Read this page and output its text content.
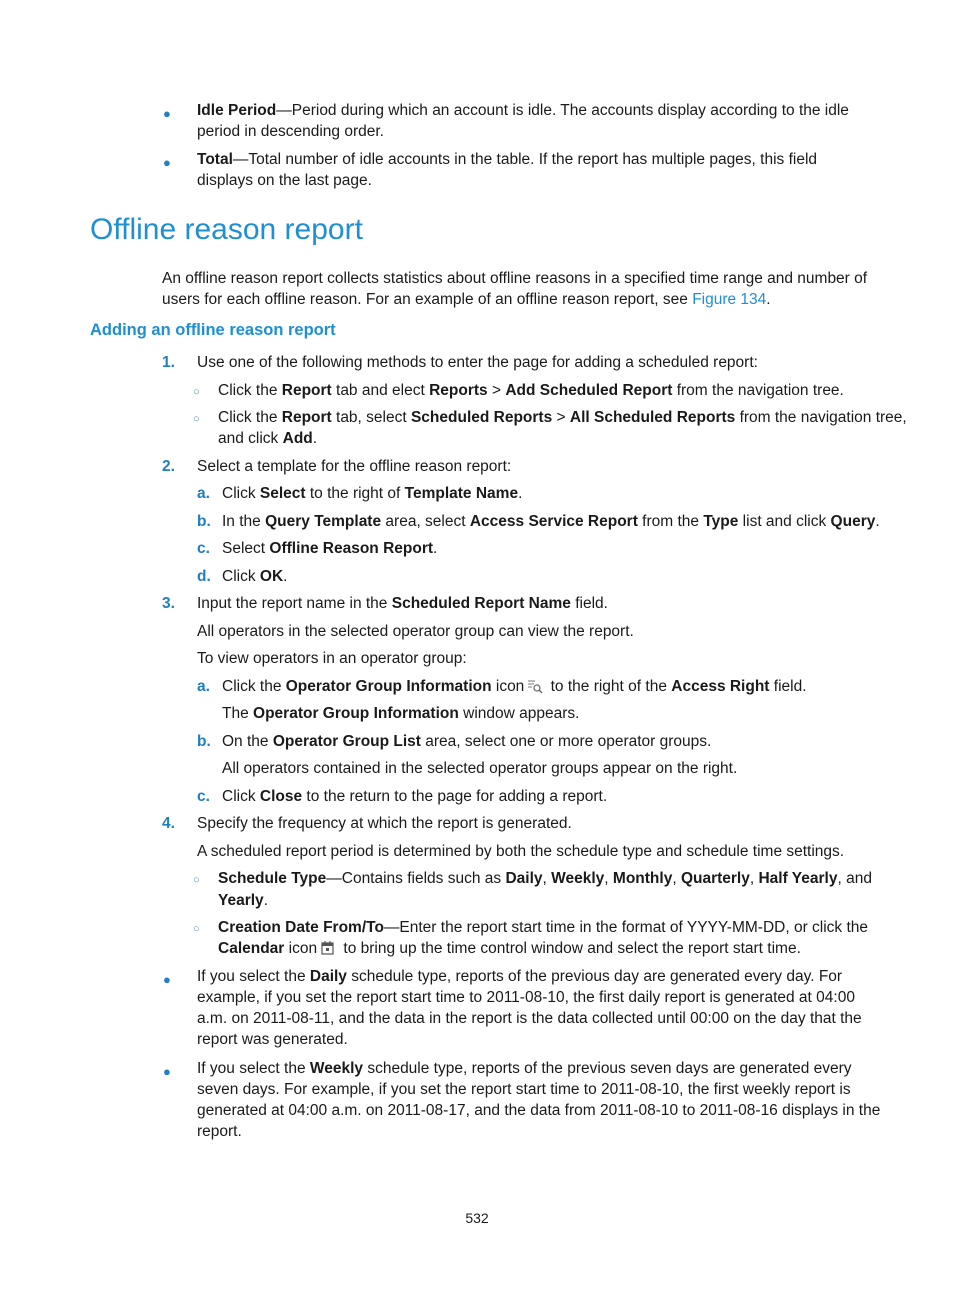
● Idle Period—Period during which an account is idle. The accounts display according to the idle period in descending order.
● Total—Total number of idle accounts in the table. If the report has multiple pages, this field displays on the last page.
Offline reason report
An offline reason report collects statistics about offline reasons in a specified time range and number of users for each offline reason. For an example of an offline reason report, see Figure 134.
Adding an offline reason report
1. Use one of the following methods to enter the page for adding a scheduled report:
○ Click the Report tab and elect Reports > Add Scheduled Report from the navigation tree.
○ Click the Report tab, select Scheduled Reports > All Scheduled Reports from the navigation tree,
and click Add.
2. Select a template for the offline reason report:
a. Click Select to the right of Template Name.
b. In the Query Template area, select Access Service Report from the Type list and click Query.
c. Select Offline Reason Report.
d. Click OK.
3. Input the report name in the Scheduled Report Name field.
All operators in the selected operator group can view the report.
To view operators in an operator group:
a. Click the Operator Group Information icon to the right of the Access Right field.
The Operator Group Information window appears.
b. On the Operator Group List area, select one or more operator groups.
All operators contained in the selected operator groups appear on the right.
c. Click Close to the return to the page for adding a report.
4. Specify the frequency at which the report is generated.
A scheduled report period is determined by both the schedule type and schedule time settings.
○ Schedule Type—Contains fields such as Daily, Weekly, Monthly, Quarterly, Half Yearly, and
Yearly.
○ Creation Date From/To—Enter the report start time in the format of YYYY-MM-DD, or click the
Calendar icon to bring up the time control window and select the report start time.
● If you select the Daily schedule type, reports of the previous day are generated every day. For
example, if you set the report start time to 2011-08-10, the first daily report is generated at 04:00
a.m. on 2011-08-11, and the data in the report is the data collected until 00:00 on the day that the
report was generated.
● If you select the Weekly schedule type, reports of the previous seven days are generated every
seven days. For example, if you set the report start time to 2011-08-10, the first weekly report is
generated at 04:00 a.m. on 2011-08-17, and the data from 2011-08-10 to 2011-08-16 displays in the
report.
532
